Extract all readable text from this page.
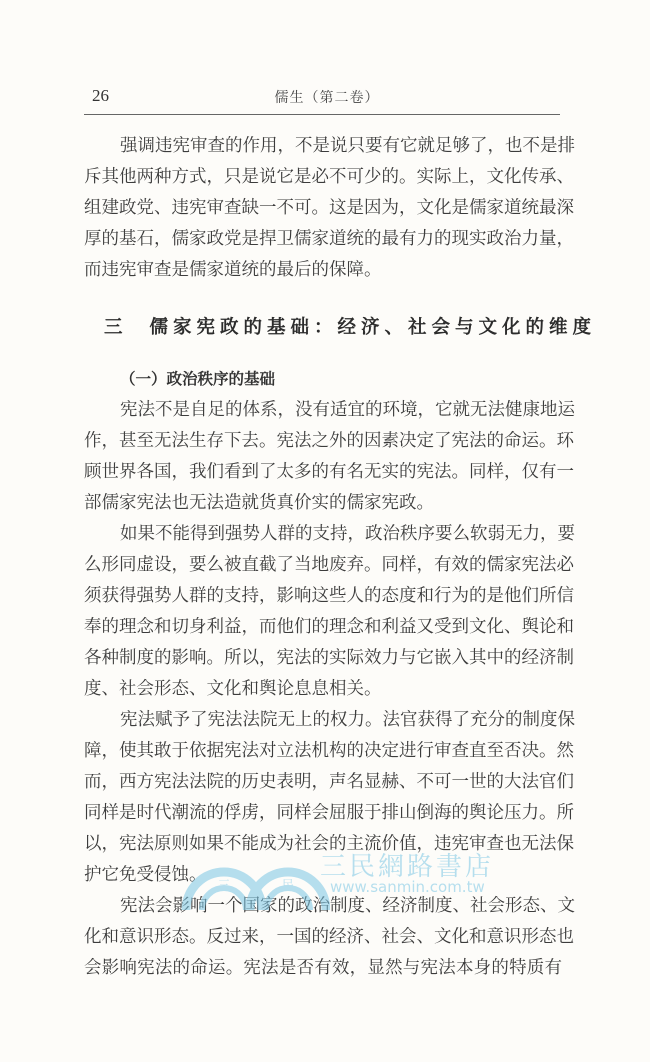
26	儒生（第二卷）
强调违宪审查的作用，不是说只要有它就足够了，也不是排
斥其他两种方式，只是说它是必不可少的。实际上，文化传承、
组建政党、违宪审查缺一不可。这是因为，文化是儒家道统最深
厚的基石，儒家政党是捍卫儒家道统的最有力的现实政治力量，
而违宪审查是儒家道统的最后的保障。
三 儒家宪政的基础：经济、社会与文化的维度
（一）政治秩序的基础
宪法不是自足的体系，没有适宜的环境，它就无法健康地运
作，甚至无法生存下去。宪法之外的因素决定了宪法的命运。环
顾世界各国，我们看到了太多的有名无实的宪法。同样，仅有一
部儒家宪法也无法造就货真价实的儒家宪政。
如果不能得到强势人群的支持，政治秩序要么软弱无力，要
么形同虚设，要么被直截了当地废弃。同样，有效的儒家宪法必
须获得强势人群的支持，影响这些人的态度和行为的是他们所信
奉的理念和切身利益，而他们的理念和利益又受到文化、舆论和
各种制度的影响。所以，宪法的实际效力与它嵌入其中的经济制
度、社会形态、文化和舆论息息相关。
宪法赋予了宪法法院无上的权力。法官获得了充分的制度保
障，使其敢于依据宪法对立法机构的决定进行审查直至否决。然
而，西方宪法法院的历史表明，声名显赫、不可一世的大法官们
同样是时代潮流的俘虏，同样会屈服于排山倒海的舆论压力。所
以，宪法原则如果不能成为社会的主流价值，违宪审查也无法保
护它免受侵蚀。
宪法会影响一个国家的政治制度、经济制度、社会形态、文
化和意识形态。反过来，一国的经济、社会、文化和意识形态也
会影响宪法的命运。宪法是否有效，显然与宪法本身的特质有
三	民
三民網路書店
www.sanmin.com.tw
